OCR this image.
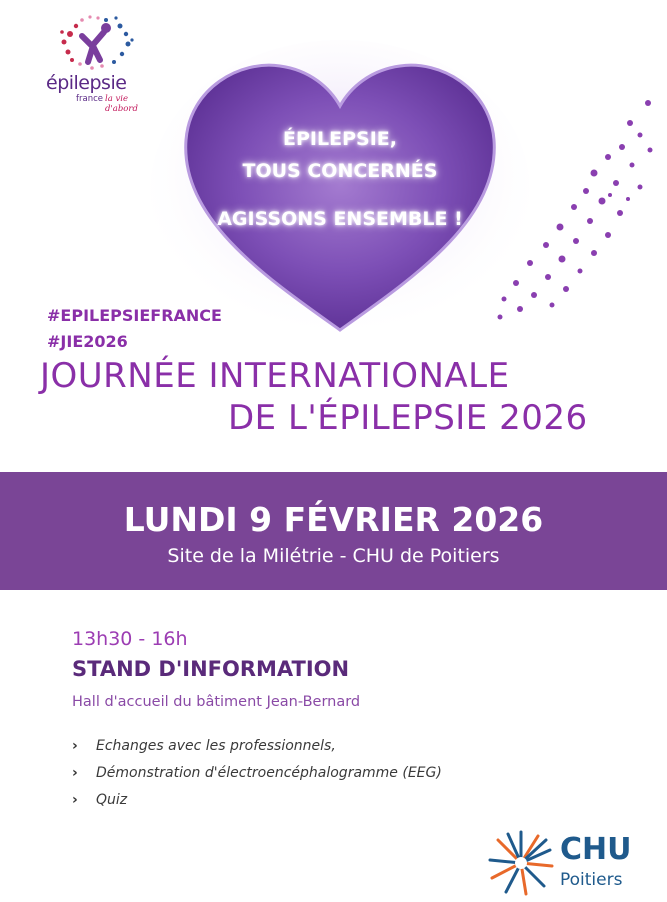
épilepsie
france la vie d'abord
ÉPILEPSIE,
TOUS CONCERNÉS
AGISSONS ENSEMBLE !
#EPILEPSIEFRANCE
#JIE2026
JOURNÉE INTERNATIONALE
DE L'ÉPILEPSIE 2026
LUNDI 9 FÉVRIER 2026
Site de la Milétrie - CHU de Poitiers
13h30 - 16h
STAND D'INFORMATION
Hall d'accueil du bâtiment Jean-Bernard
› Echanges avec les professionnels,
› Démonstration d'électroencéphalogramme (EEG)
› Quiz
CHU
Poitiers
